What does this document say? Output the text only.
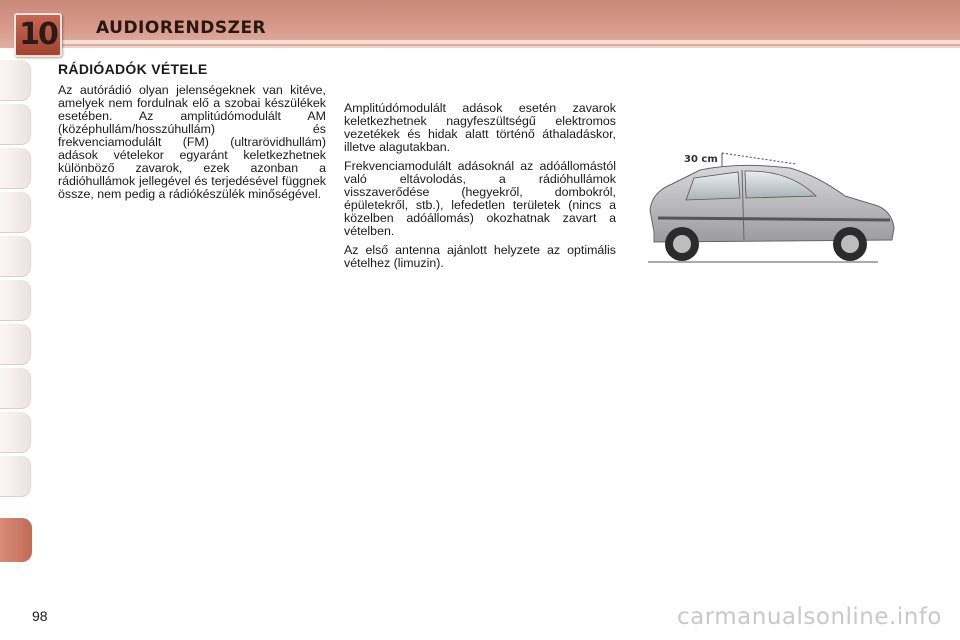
10	AUDIORENDSZER
RÁDIÓADÓK VÉTELE

Az autórádió olyan jelenségeknek van kitéve, amelyek nem fordulnak elő a szobai készülékek esetében. Az amplitúdómodulált AM (középhullám/hosszúhullám) és frekvenciamodulált (FM) (ultrarövidhullám) adások vételekor egyaránt keletkezhetnek különböző zavarok, ezek azonban a rádióhullámok jellegével és terjedésével függnek össze, nem pedig a rádiókészülék minőségével.

Amplitúdómodulált adások esetén zavarok keletkezhetnek nagyfeszültségű elektromos vezetékek és hidak alatt történő áthaladáskor, illetve alagutakban.

Frekvenciamodulált adásoknál az adóállomástól való eltávolodás, a rádióhullámok visszaverődése (hegyekről, dombokról, épületekről, stb.), lefedetlen területek (nincs a közelben adóállomás) okozhatnak zavart a vételben.

Az első antenna ajánlott helyzete az optimális vételhez (limuzin).

30 cm
98	carmanualsonline.info
